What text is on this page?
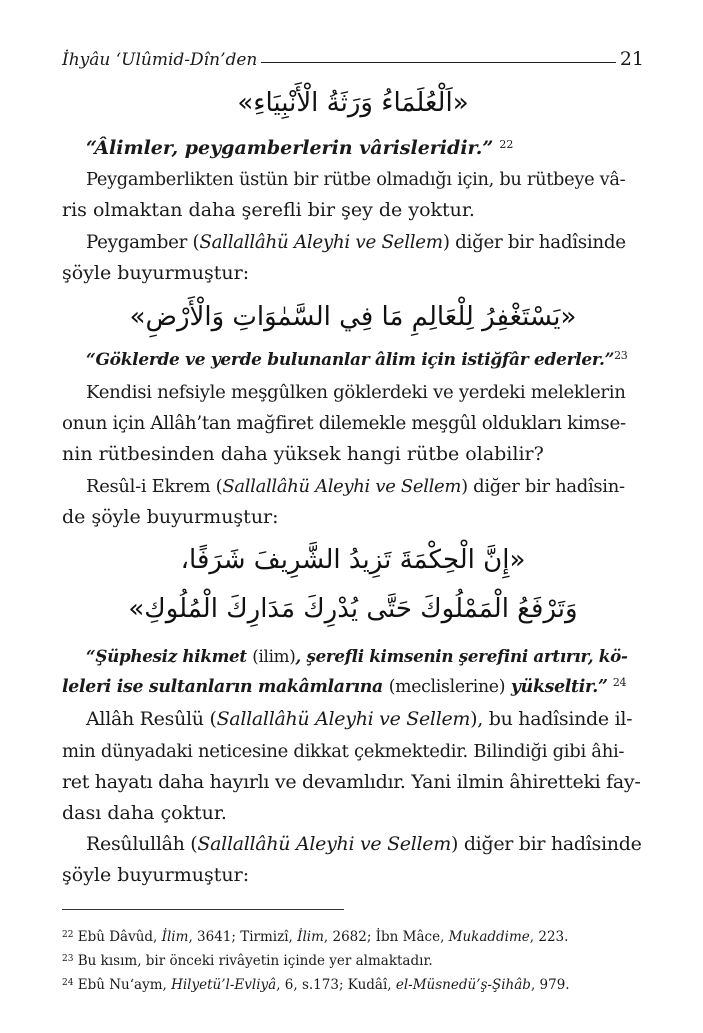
İhyâu ‘Ulûmid-Dîn’den	21
«اَلْعُلَمَاءُ وَرَثَةُ الْأَنْبِيَاءِ»
“Âlimler, peygamberlerin vârisleridir.” $^{22}$
Peygamberlikten üstün bir rütbe olmadığı için, bu rütbeye vâ-
ris olmaktan daha şerefli bir şey de yoktur.
Peygamber (Sallallâhü Aleyhi ve Sellem) diğer bir hadîsinde
şöyle buyurmuştur:
«يَسْتَغْفِرُ لِلْعَالِمِ مَا فِي السَّمٰوَاتِ وَالْأَرْضِ»
“Göklerde ve yerde bulunanlar âlim için istiğfâr ederler.”$^{23}$
Kendisi nefsiyle meşgûlken göklerdeki ve yerdeki meleklerin
onun için Allâh’tan mağfiret dilemekle meşgûl oldukları kimse-
nin rütbesinden daha yüksek hangi rütbe olabilir?
Resûl-i Ekrem (Sallallâhü Aleyhi ve Sellem) diğer bir hadîsin-
de şöyle buyurmuştur:
«إِنَّ الْحِكْمَةَ تَزِيدُ الشَّرِيفَ شَرَفًا،
وَتَرْفَعُ الْمَمْلُوكَ حَتَّى يُدْرِكَ مَدَارِكَ الْمُلُوكِ»
“Şüphesiz hikmet (ilim), şerefli kimsenin şerefini artırır, kö-
leleri ise sultanların makâmlarına (meclislerine) yükseltir.” $^{24}$
Allâh Resûlü (Sallallâhü Aleyhi ve Sellem), bu hadîsinde il-
min dünyadaki neticesine dikkat çekmektedir. Bilindiği gibi âhi-
ret hayatı daha hayırlı ve devamlıdır. Yani ilmin âhiretteki fay-
dası daha çoktur.
Resûlullâh (Sallallâhü Aleyhi ve Sellem) diğer bir hadîsinde
şöyle buyurmuştur:
$^{22}$ Ebû Dâvûd, İlim, 3641; Tirmizî, İlim, 2682; İbn Mâce, Mukaddime, 223.
$^{23}$ Bu kısım, bir önceki rivâyetin içinde yer almaktadır.
$^{24}$ Ebû Nu‘aym, Hilyetü’l-Evliyâ, 6, s.173; Kudâî, el-Müsnedü’ş-Şihâb, 979.
